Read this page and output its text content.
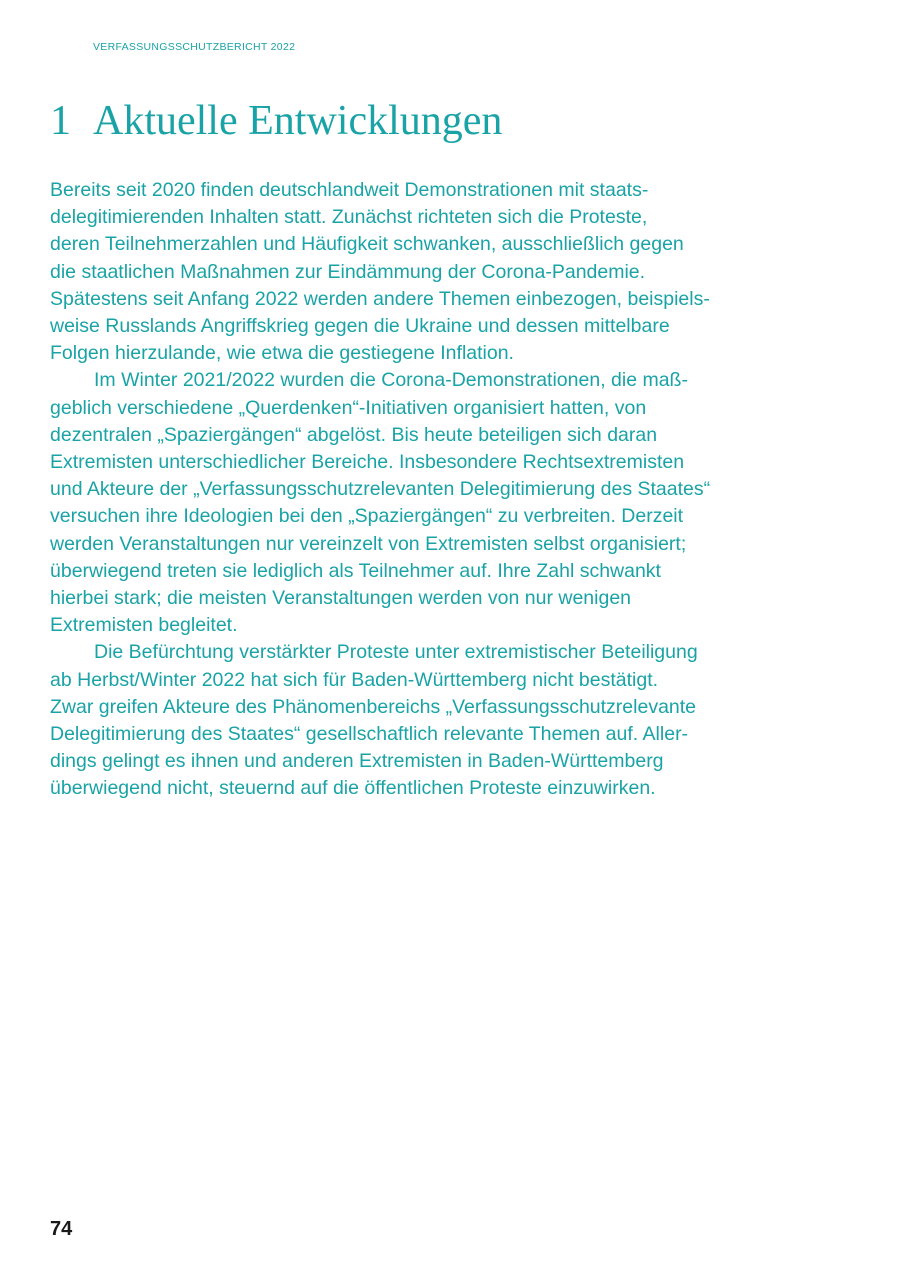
VERFASSUNGSSCHUTZBERICHT 2022
1 Aktuelle Entwicklungen

Bereits seit 2020 finden deutschlandweit Demonstrationen mit staats-
delegitimierenden Inhalten statt. Zunächst richteten sich die Proteste,
deren Teilnehmerzahlen und Häufigkeit schwanken, ausschließlich gegen
die staatlichen Maßnahmen zur Eindämmung der Corona-Pandemie.
Spätestens seit Anfang 2022 werden andere Themen einbezogen, beispiels-
weise Russlands Angriffskrieg gegen die Ukraine und dessen mittelbare
Folgen hierzulande, wie etwa die gestiegene Inflation.

Im Winter 2021/2022 wurden die Corona-Demonstrationen, die maß-
geblich verschiedene „Querdenken“-Initiativen organisiert hatten, von
dezentralen „Spaziergängen“ abgelöst. Bis heute beteiligen sich daran
Extremisten unterschiedlicher Bereiche. Insbesondere Rechtsextremisten
und Akteure der „Verfassungsschutzrelevanten Delegitimierung des Staates“
versuchen ihre Ideologien bei den „Spaziergängen“ zu verbreiten. Derzeit
werden Veranstaltungen nur vereinzelt von Extremisten selbst organisiert;
überwiegend treten sie lediglich als Teilnehmer auf. Ihre Zahl schwankt
hierbei stark; die meisten Veranstaltungen werden von nur wenigen
Extremisten begleitet.

Die Befürchtung verstärkter Proteste unter extremistischer Beteiligung
ab Herbst/Winter 2022 hat sich für Baden-Württemberg nicht bestätigt.
Zwar greifen Akteure des Phänomenbereichs „Verfassungsschutzrelevante
Delegitimierung des Staates“ gesellschaftlich relevante Themen auf. Aller-
dings gelingt es ihnen und anderen Extremisten in Baden-Württemberg
überwiegend nicht, steuernd auf die öffentlichen Proteste einzuwirken.

74
